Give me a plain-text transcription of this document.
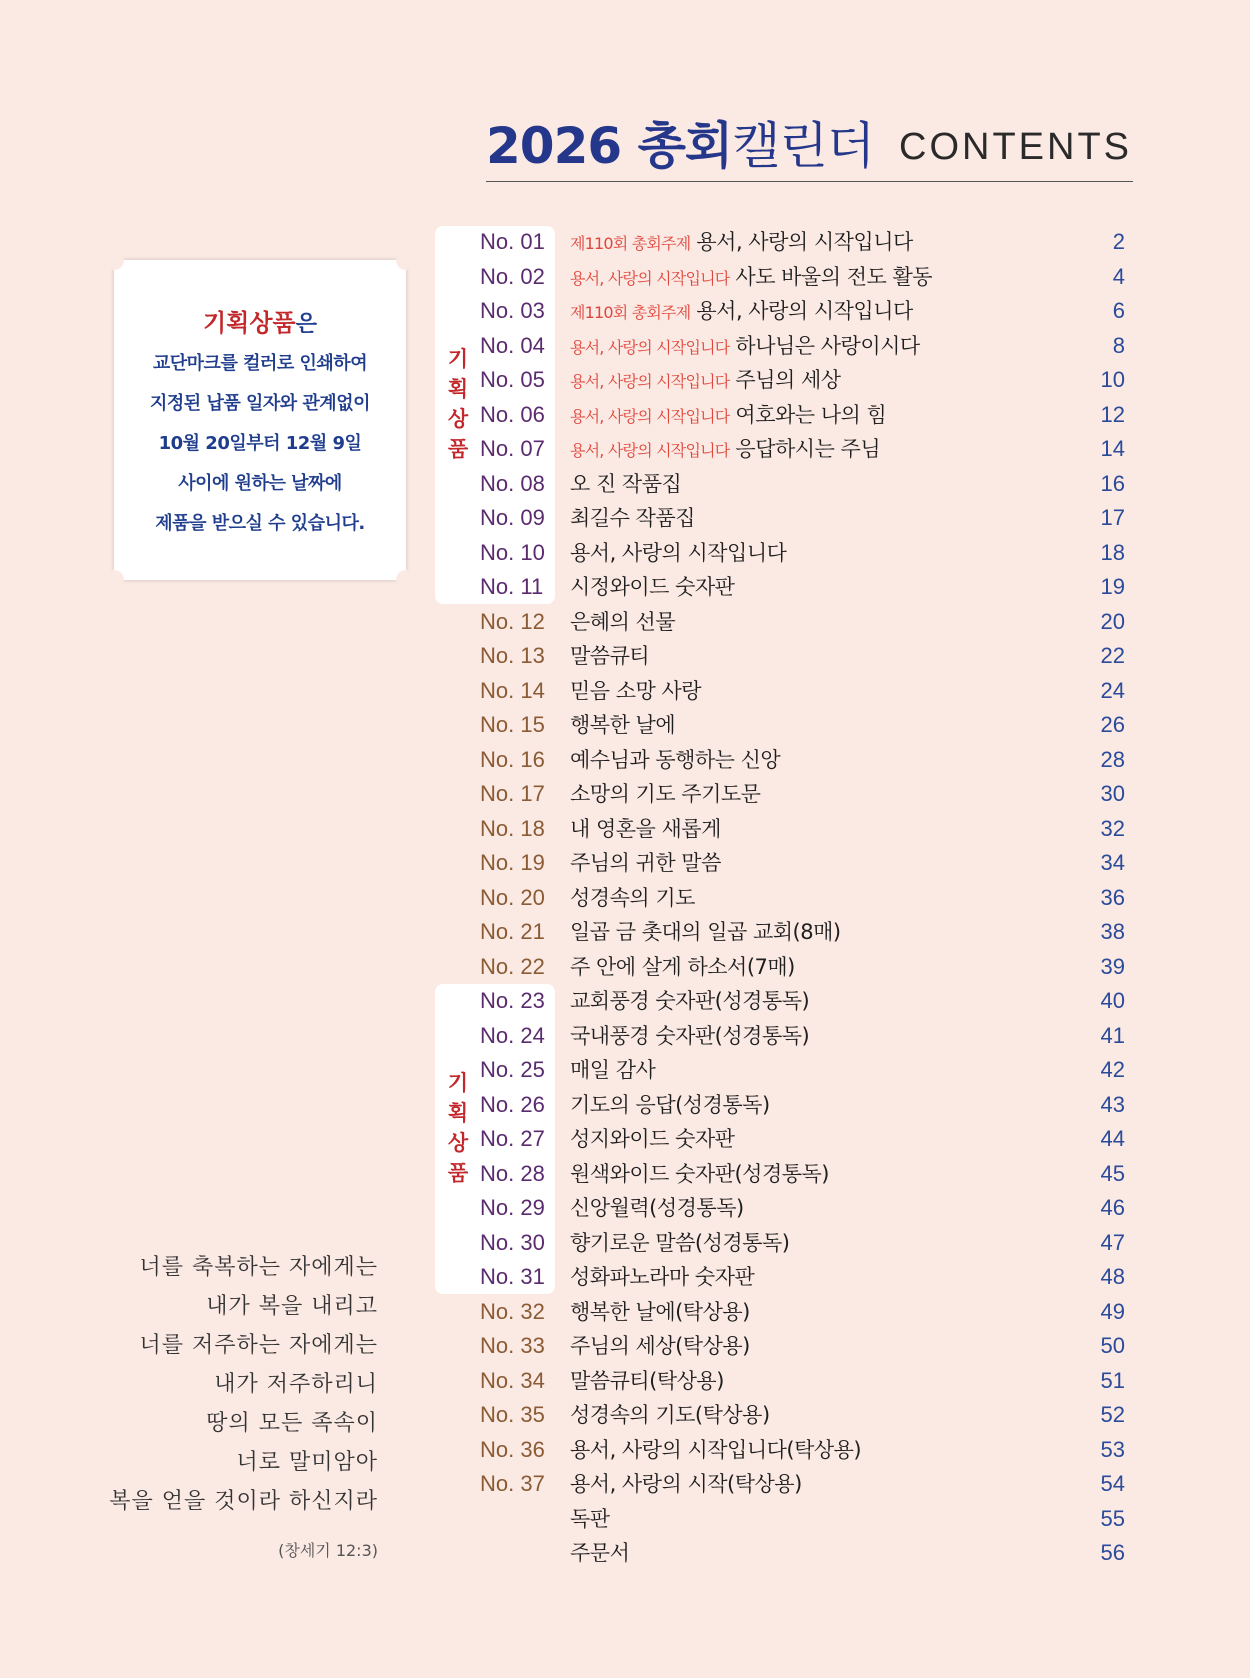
2026 총회캘린더 CONTENTS
기획상품은
교단마크를 컬러로 인쇄하여
지정된 납품 일자와 관계없이
10월 20일부터 12월 9일
사이에 원하는 날짜에
제품을 받으실 수 있습니다.
기
획
상
품
기
획
상
품
No. 01 제110회 총회주제 용서, 사랑의 시작입니다	2
No. 02 용서, 사랑의 시작입니다 사도 바울의 전도 활동	4
No. 03 제110회 총회주제 용서, 사랑의 시작입니다	6
No. 04 용서, 사랑의 시작입니다 하나님은 사랑이시다	8
No. 05 용서, 사랑의 시작입니다 주님의 세상	10
No. 06 용서, 사랑의 시작입니다 여호와는 나의 힘	12
No. 07 용서, 사랑의 시작입니다 응답하시는 주님	14
No. 08 오 진 작품집	16
No. 09 최길수 작품집	17
No. 10 용서, 사랑의 시작입니다	18
No. 11 시정와이드 숫자판	19
No. 12 은혜의 선물	20
No. 13 말씀큐티	22
No. 14 믿음 소망 사랑	24
No. 15 행복한 날에	26
No. 16 예수님과 동행하는 신앙	28
No. 17 소망의 기도 주기도문	30
No. 18 내 영혼을 새롭게	32
No. 19 주님의 귀한 말씀	34
No. 20 성경속의 기도	36
No. 21 일곱 금 촛대의 일곱 교회(8매)	38
No. 22 주 안에 살게 하소서(7매)	39
No. 23 교회풍경 숫자판(성경통독)	40
No. 24 국내풍경 숫자판(성경통독)	41
No. 25 매일 감사	42
No. 26 기도의 응답(성경통독)	43
No. 27 성지와이드 숫자판	44
No. 28 원색와이드 숫자판(성경통독)	45
No. 29 신앙월력(성경통독)	46
No. 30 향기로운 말씀(성경통독)	47
No. 31 성화파노라마 숫자판	48
No. 32 행복한 날에(탁상용)	49
No. 33 주님의 세상(탁상용)	50
No. 34 말씀큐티(탁상용)	51
No. 35 성경속의 기도(탁상용)	52
No. 36 용서, 사랑의 시작입니다(탁상용)	53
No. 37 용서, 사랑의 시작(탁상용)	54
독판	55
주문서	56
너를 축복하는 자에게는
내가 복을 내리고
너를 저주하는 자에게는
내가 저주하리니
땅의 모든 족속이
너로 말미암아
복을 얻을 것이라 하신지라
(창세기 12:3)
